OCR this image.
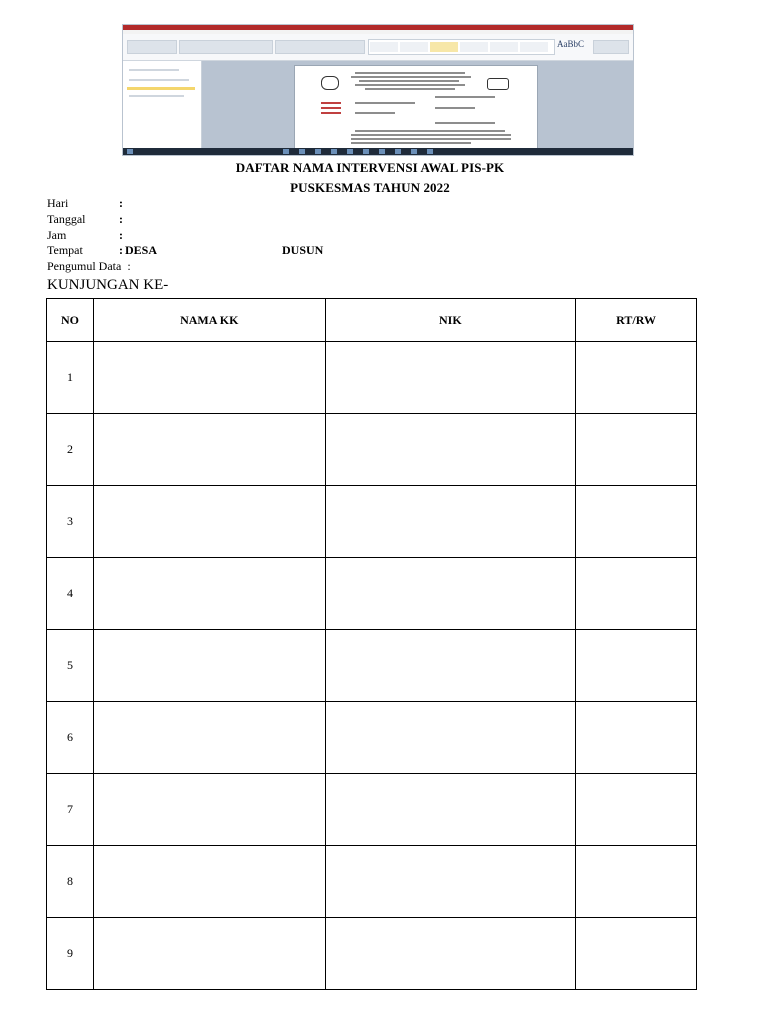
AaBbC
DAFTAR NAMA INTERVENSI AWAL PIS-PK
PUSKESMAS TAHUN 2022
Hari	:
Tanggal	:
Jam	:
Tempat	: DESA	DUSUN
Pengumul Data :
KUNJUNGAN KE-
NO	NAMA KK	NIK	RT/RW
1			
2			
3			
4			
5			
6			
7			
8			
9			
